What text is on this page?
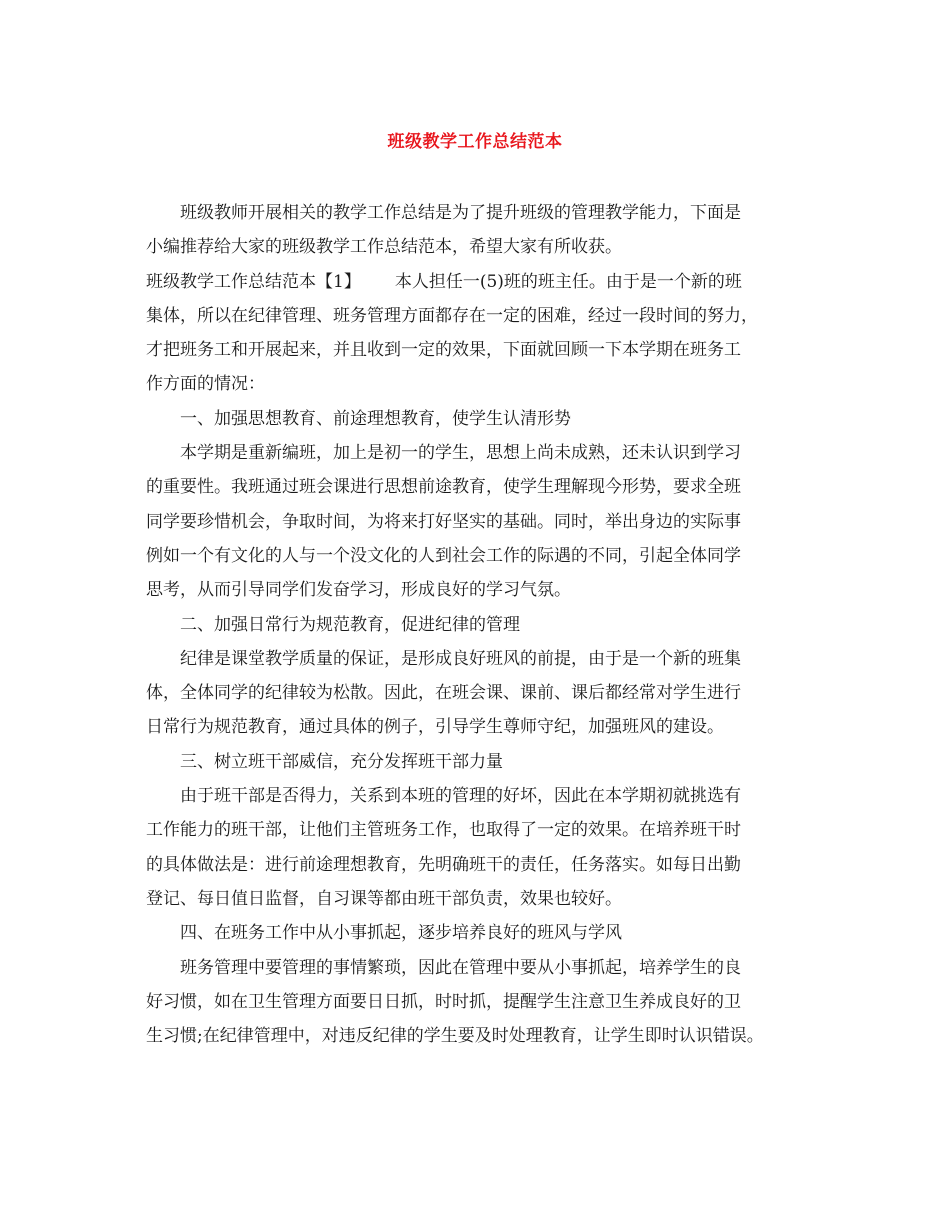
班级教学工作总结范本
班级教师开展相关的教学工作总结是为了提升班级的管理教学能力，下面是
小编推荐给大家的班级教学工作总结范本，希望大家有所收获。
班级教学工作总结范本【1】 本人担任一(5)班的班主任。由于是一个新的班
集体，所以在纪律管理、班务管理方面都存在一定的困难，经过一段时间的努力，
才把班务工和开展起来，并且收到一定的效果，下面就回顾一下本学期在班务工
作方面的情况：
一、加强思想教育、前途理想教育，使学生认清形势
本学期是重新编班，加上是初一的学生，思想上尚未成熟，还未认识到学习
的重要性。我班通过班会课进行思想前途教育，使学生理解现今形势，要求全班
同学要珍惜机会，争取时间，为将来打好坚实的基础。同时，举出身边的实际事
例如一个有文化的人与一个没文化的人到社会工作的际遇的不同，引起全体同学
思考，从而引导同学们发奋学习，形成良好的学习气氛。
二、加强日常行为规范教育，促进纪律的管理
纪律是课堂教学质量的保证，是形成良好班风的前提，由于是一个新的班集
体，全体同学的纪律较为松散。因此，在班会课、课前、课后都经常对学生进行
日常行为规范教育，通过具体的例子，引导学生尊师守纪，加强班风的建设。
三、树立班干部威信，充分发挥班干部力量
由于班干部是否得力，关系到本班的管理的好坏，因此在本学期初就挑选有
工作能力的班干部，让他们主管班务工作，也取得了一定的效果。在培养班干时
的具体做法是：进行前途理想教育，先明确班干的责任，任务落实。如每日出勤
登记、每日值日监督，自习课等都由班干部负责，效果也较好。
四、在班务工作中从小事抓起，逐步培养良好的班风与学风
班务管理中要管理的事情繁琐，因此在管理中要从小事抓起，培养学生的良
好习惯，如在卫生管理方面要日日抓，时时抓，提醒学生注意卫生养成良好的卫
生习惯;在纪律管理中，对违反纪律的学生要及时处理教育，让学生即时认识错误。
